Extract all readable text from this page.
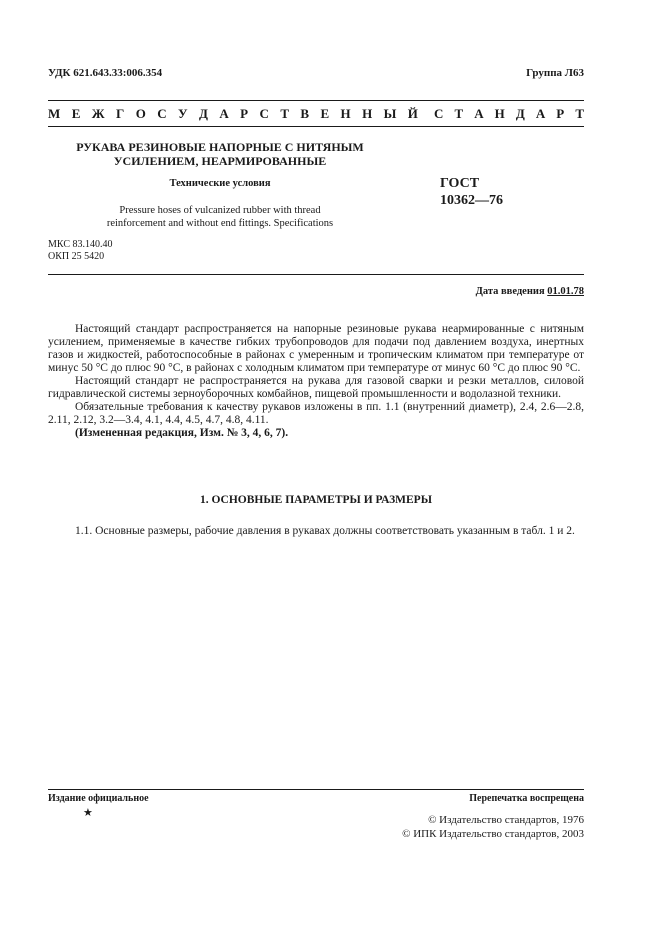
УДК 621.643.33:006.354	Группа Л63
М Е Ж Г О С У Д А Р С Т В Е Н Н Ы Й С Т А Н Д А Р Т
РУКАВА РЕЗИНОВЫЕ НАПОРНЫЕ С НИТЯНЫМ
УСИЛЕНИЕМ, НЕАРМИРОВАННЫЕ
Технические условия
Pressure hoses of vulcanized rubber with thread
reinforcement and without end fittings. Specifications
ГОСТ
10362—76
МКС 83.140.40
ОКП 25 5420
Дата введения 01.01.78

Настоящий стандарт распространяется на напорные резиновые рукава неармированные с нитяным усилением, применяемые в качестве гибких трубопроводов для подачи под давлением воздуха, инертных газов и жидкостей, работоспособные в районах с умеренным и тропическим климатом при температуре от минус 50 °С до плюс 90 °С, в районах с холодным климатом при температуре от минус 60 °С до плюс 90 °С.

Настоящий стандарт не распространяется на рукава для газовой сварки и резки металлов, силовой гидравлической системы зерноуборочных комбайнов, пищевой промышленности и водолазной техники.

Обязательные требования к качеству рукавов изложены в пп. 1.1 (внутренний диаметр), 2.4, 2.6—2.8, 2.11, 2.12, 3.2—3.4, 4.1, 4.4, 4.5, 4.7, 4.8, 4.11.

(Измененная редакция, Изм. № 3, 4, 6, 7).

1. ОСНОВНЫЕ ПАРАМЕТРЫ И РАЗМЕРЫ

1.1. Основные размеры, рабочие давления в рукавах должны соответствовать указанным в табл. 1 и 2.

Издание официальное	Перепечатка воспрещена
★
© Издательство стандартов, 1976
© ИПК Издательство стандартов, 2003
